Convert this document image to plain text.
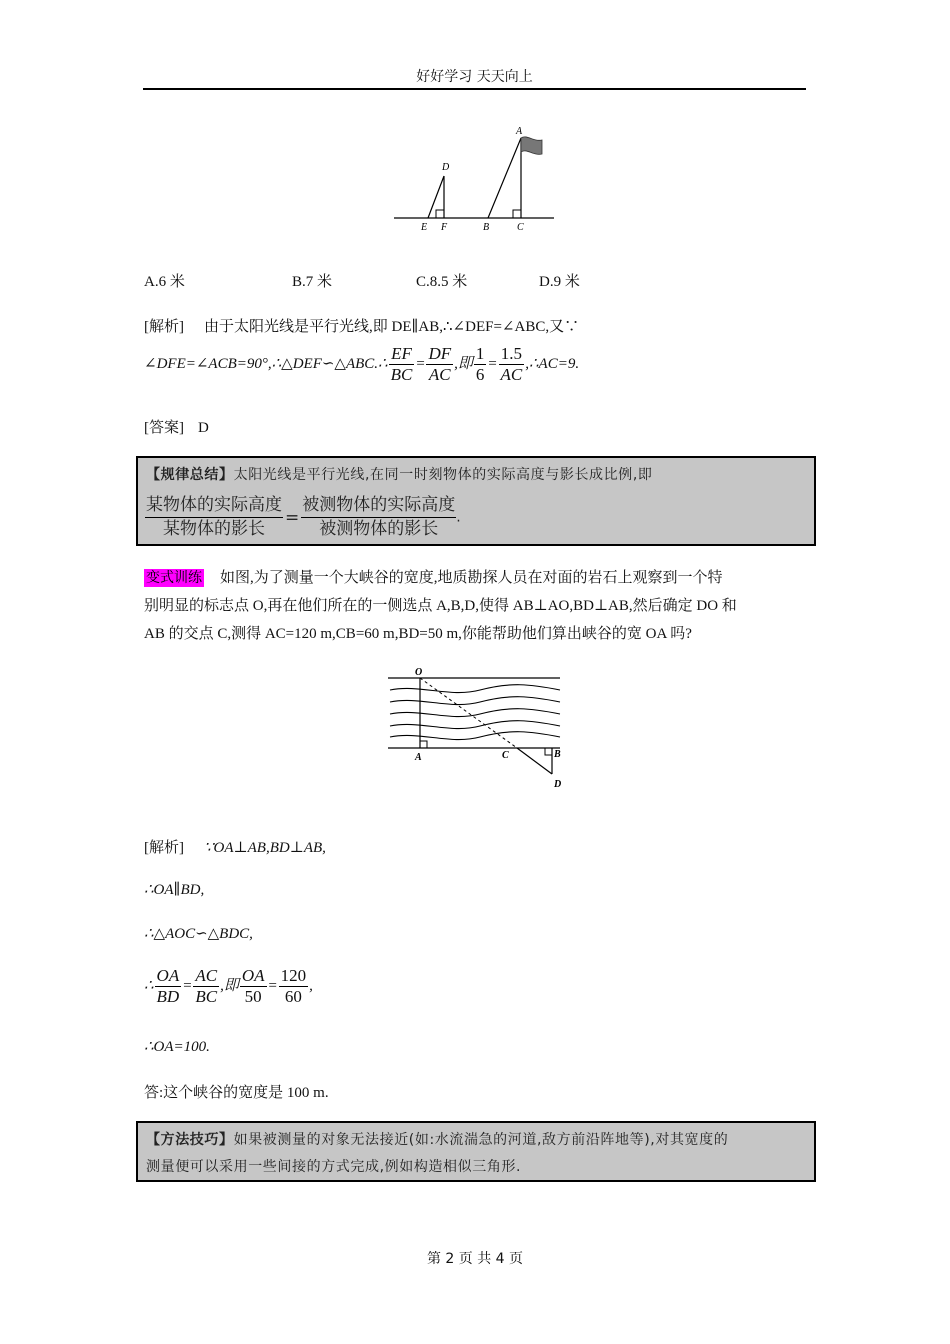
好好学习 天天向上
A
D
E F	B	C
A.6 米	B.7 米	C.8.5 米	D.9 米
[解析] 由于太阳光线是平行光线,即 DE∥AB,∴∠DEF=∠ABC,又∵
∠DFE=∠ACB=90°,∴△DEF∽△ABC.∴ $\frac{EF}{BC} = \frac{DF}{AC}$ ,即 $\frac{1}{6} = \frac{1.5}{AC}$ ,∴AC=9.
[答案] D
【规律总结】太阳光线是平行光线,在同一时刻物体的实际高度与影长成比例,即
$\frac{\text{某物体的实际高度}}{\text{某物体的影长}} = \frac{\text{被测物体的实际高度}}{\text{被测物体的影长}}$ .
变式训练 如图,为了测量一个大峡谷的宽度,地质勘探人员在对面的岩石上观察到一个特
别明显的标志点 O,再在他们所在的一侧选点 A,B,D,使得 AB⊥AO,BD⊥AB,然后确定 DO 和
AB 的交点 C,测得 AC=120 m,CB=60 m,BD=50 m,你能帮助他们算出峡谷的宽 OA 吗?
O
A	C	B
D
[解析] ∵OA⊥AB,BD⊥AB,
∴OA∥BD,
∴△AOC∽△BDC,
∴ $\frac{OA}{BD} = \frac{AC}{BC}$ ,即 $\frac{OA}{50} = \frac{120}{60}$ ,
∴OA=100.
答:这个峡谷的宽度是 100 m.
【方法技巧】如果被测量的对象无法接近(如:水流湍急的河道,敌方前沿阵地等),对其宽度的
测量便可以采用一些间接的方式完成,例如构造相似三角形.
第 2 页 共 4 页
